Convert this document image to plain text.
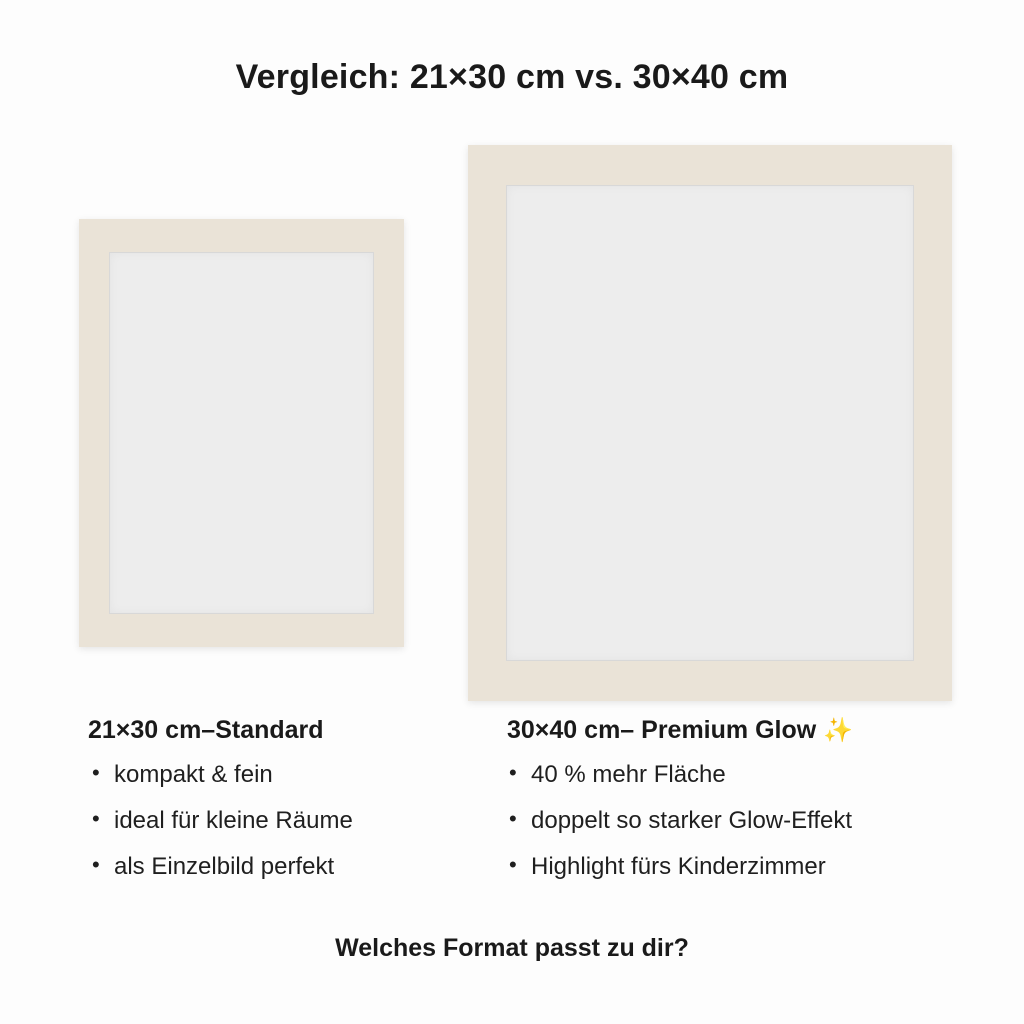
Vergleich: 21×30 cm vs. 30×40 cm
21×30 cm–Standard
• kompakt & fein
• ideal für kleine Räume
• als Einzelbild perfekt
30×40 cm– Premium Glow ✨
• 40 % mehr Fläche
• doppelt so starker Glow-Effekt
• Highlight fürs Kinderzimmer
Welches Format passt zu dir?
